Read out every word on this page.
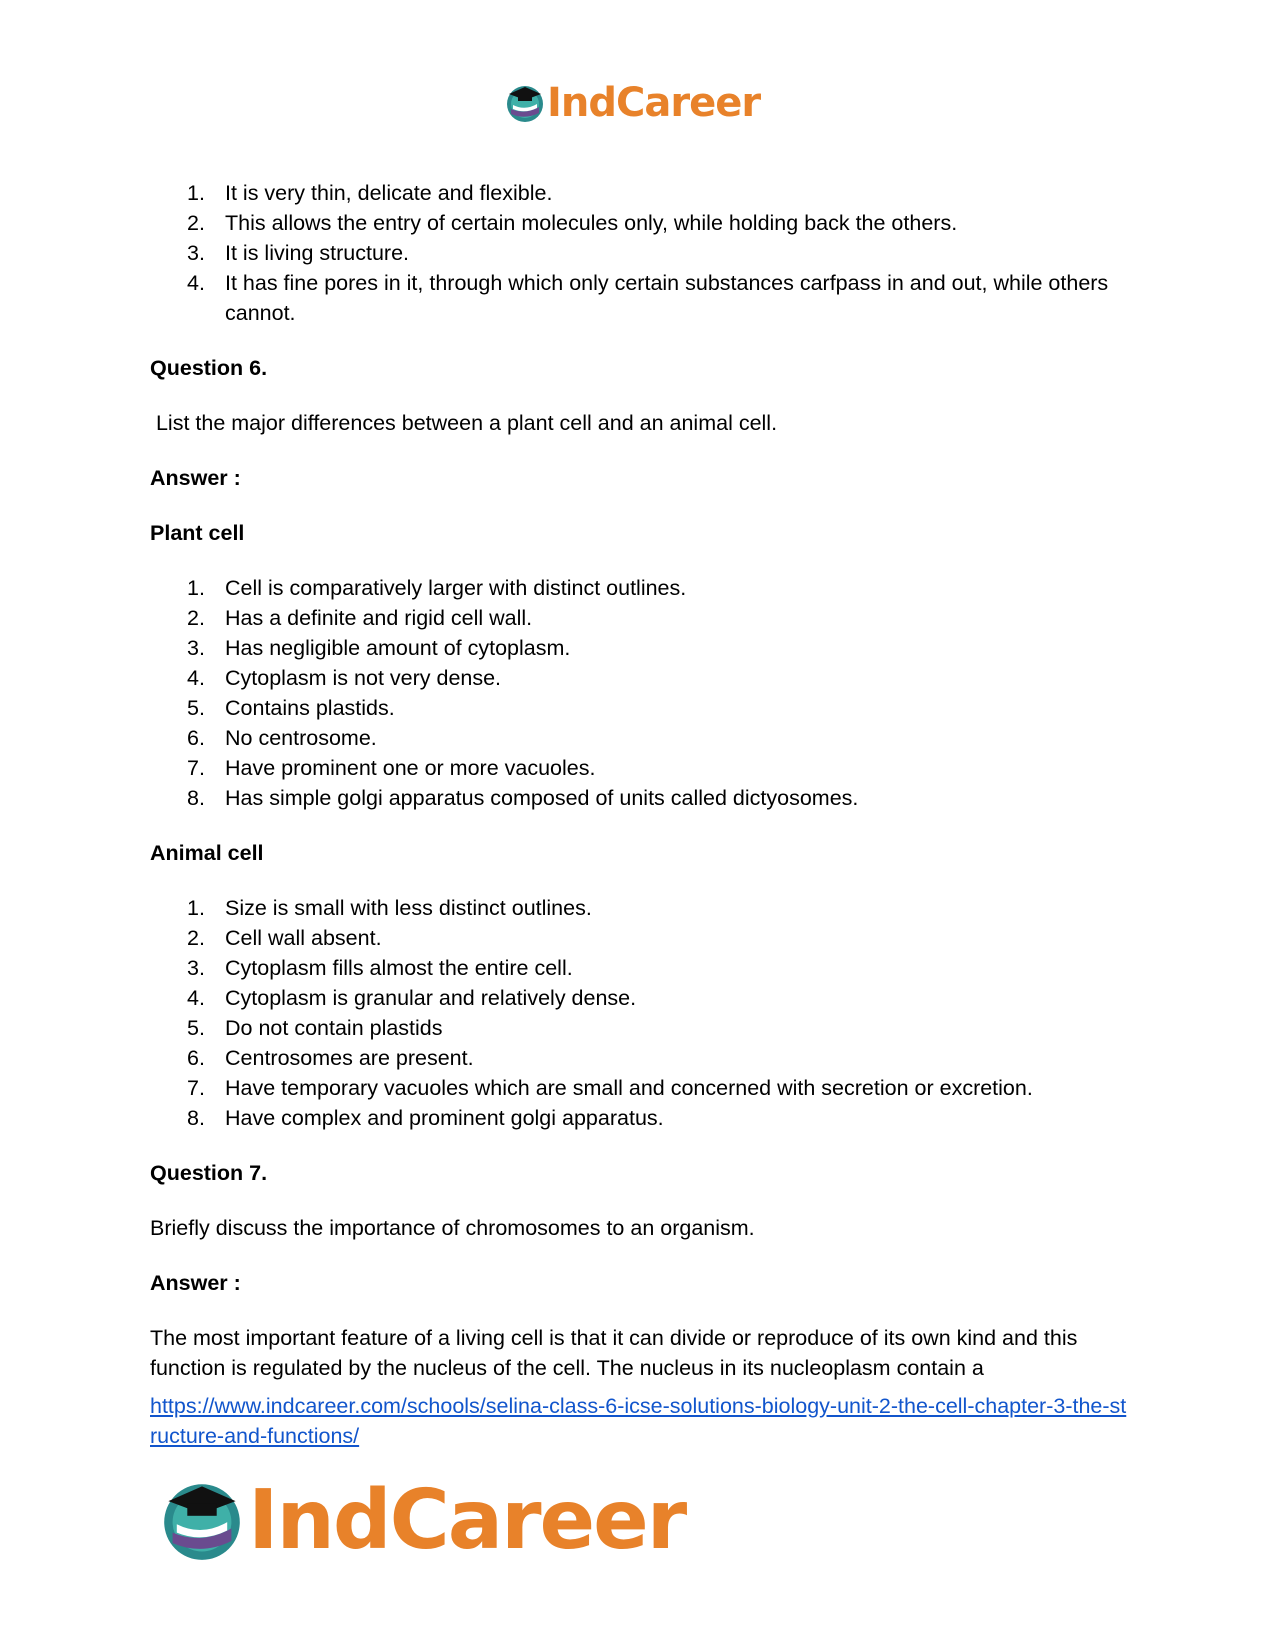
IndCareer
1. It is very thin, delicate and flexible.
2. This allows the entry of certain molecules only, while holding back the others.
3. It is living structure.
4. It has fine pores in it, through which only certain substances carfpass in and out, while others cannot.
Question 6.
List the major differences between a plant cell and an animal cell.
Answer :
Plant cell
1. Cell is comparatively larger with distinct outlines.
2. Has a definite and rigid cell wall.
3. Has negligible amount of cytoplasm.
4. Cytoplasm is not very dense.
5. Contains plastids.
6. No centrosome.
7. Have prominent one or more vacuoles.
8. Has simple golgi apparatus composed of units called dictyosomes.
Animal cell
1. Size is small with less distinct outlines.
2. Cell wall absent.
3. Cytoplasm fills almost the entire cell.
4. Cytoplasm is granular and relatively dense.
5. Do not contain plastids
6. Centrosomes are present.
7. Have temporary vacuoles which are small and concerned with secretion or excretion.
8. Have complex and prominent golgi apparatus.
Question 7.
Briefly discuss the importance of chromosomes to an organism.
Answer :
The most important feature of a living cell is that it can divide or reproduce of its own kind and this function is regulated by the nucleus of the cell. The nucleus in its nucleoplasm contain a
https://www.indcareer.com/schools/selina-class-6-icse-solutions-biology-unit-2-the-cell-chapter-3-the-structure-and-functions/
IndCareer
